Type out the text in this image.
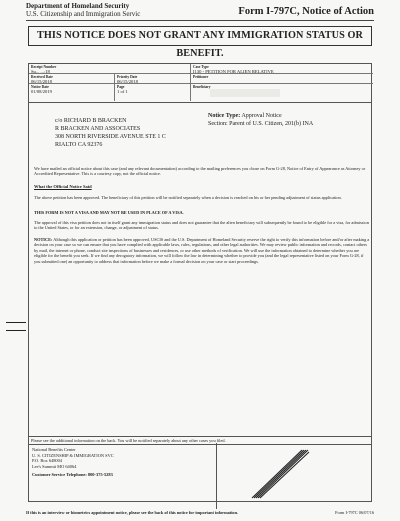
Department of Homeland Security
U.S. Citizenship and Immigration Servic	Form I-797C, Notice of Action
THIS NOTICE DOES NOT GRANT ANY IMMIGRATION STATUS OR BENEFIT.
Receipt Number
Su... ...:18
Case Type
I130 - PETITION FOR ALIEN RELATIVE
Received Date
06/15/2018
Priority Date
06/15/2018
Petitioner
Notice Date
01/08/2019
Page
1 of 1
Beneficiary
c/o RICHARD B BRACKEN
R BRACKEN AND ASSOCIATES
308 NORTH RIVERSIDE AVENUE STE 1 C
RIALTO CA 92376
Notice Type: Approval Notice
Section: Parent of U.S. Citizen, 201(b) INA
We have mailed an official notice about this case (and any relevant documentation) according to the mailing preferences you chose on Form G-28, Notice of Entry of Appearance as Attorney or Accredited Representative. This is a courtesy copy, not the official notice.
What the Official Notice Said
The above petition has been approved. The beneficiary of this petition will be notified separately when a decision is reached on his or her pending adjustment of status application.
THIS FORM IS NOT A VISA AND MAY NOT BE USED IN PLACE OF A VISA.
The approval of this visa petition does not in itself grant any immigration status and does not guarantee that the alien beneficiary will subsequently be found to be eligible for a visa, for admission to the United States, or for an extension, change, or adjustment of status.
NOTICE: Although this application or petition has been approved, USCIS and the U.S. Department of Homeland Security reserve the right to verify this information before and/or after making a decision on your case so we can ensure that you have complied with applicable laws, rules, regulations, and other legal authorities. We may review public information and records, contact others by mail, the internet or phone, conduct site inspections of businesses and residences, or use other methods of verification. We will use the information obtained to determine whether you are eligible for the benefit you seek. If we find any derogatory information, we will follow the law in determining whether to provide you (and the legal representative listed on your Form G-28, if you submitted one) an opportunity to address that information before we make a formal decision on your case or start proceedings.
Please see the additional information on the back. You will be notified separately about any other cases you filed.
National Benefits Center
U. S. CITIZENSHIP & IMMIGRATION SVC
P.O. Box 648004
Lee's Summit MO 64064
Customer Service Telephone: 800-375-5283
If this is an interview or biometrics appointment notice, please see the back of this notice for important information.	Form I-797C 06/07/16
